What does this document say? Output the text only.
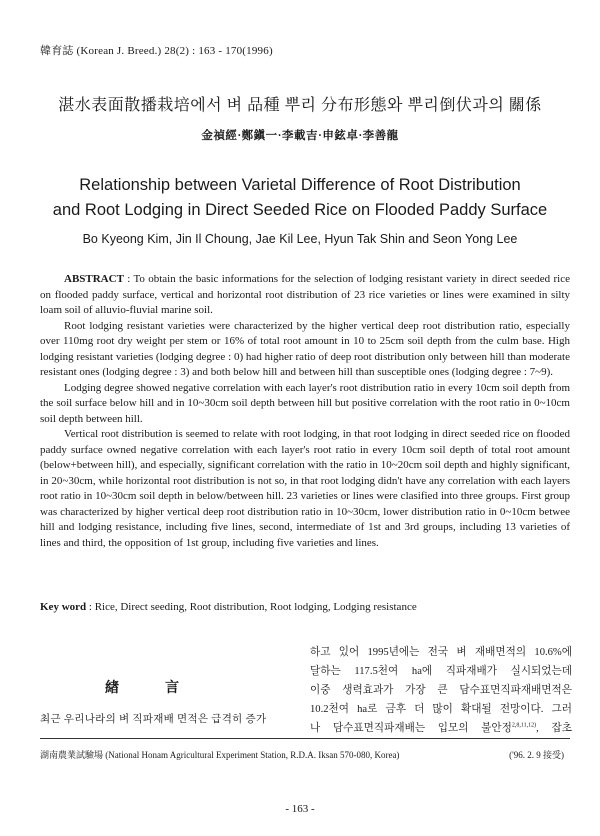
韓育誌 (Korean J. Breed.) 28(2) : 163 - 170(1996)
湛水表面散播栽培에서 벼 品種 뿌리 分布形態와 뿌리倒伏과의 關係
金禎經·鄭鎭一·李載吉·申鉉卓·李善龍
Relationship between Varietal Difference of Root Distribution
and Root Lodging in Direct Seeded Rice on Flooded Paddy Surface
Bo Kyeong Kim, Jin Il Choung, Jae Kil Lee, Hyun Tak Shin and Seon Yong Lee

ABSTRACT : To obtain the basic informations for the selection of lodging resistant variety in direct seeded rice on flooded paddy surface, vertical and horizontal root distribution of 23 rice varieties or lines were examined in silty loam soil of alluvio-fluvial marine soil.

Root lodging resistant varieties were characterized by the higher vertical deep root distribution ratio, especially over 110mg root dry weight per stem or 16% of total root amount in 10 to 25cm soil depth from the culm base. High lodging resistant varieties (lodging degree : 0) had higher ratio of deep root distribution only between hill than moderate resistant ones (lodging degree : 3) and both below hill and between hill than susceptible ones (lodging degree : 7~9).

Lodging degree showed negative correlation with each layer's root distribution ratio in every 10cm soil depth from the soil surface below hill and in 10~30cm soil depth between hill but positive correlation with the root ratio in 0~10cm soil depth between hill.

Vertical root distribution is seemed to relate with root lodging, in that root lodging in direct seeded rice on flooded paddy surface owned negative correlation with each layer's root ratio in every 10cm soil depth of total root amount (below+between hill), and especially, significant correlation with the ratio in 10~20cm soil depth and highly significant, in 20~30cm, while horizontal root distribution is not so, in that root lodging didn't have any correlation with each layers root ratio in 10~30cm soil depth in below/between hill. 23 varieties or lines were clasified into three groups. First group was characterized by higher vertical deep root distribution ratio in 10~30cm, lower distribution ratio in 0~10cm betwee hill and lodging resistance, including five lines, second, intermediate of 1st and 3rd groups, including 13 varieties of lines and third, the opposition of 1st group, including five varieties and lines.

Key word : Rice, Direct seeding, Root distribution, Root lodging, Lodging resistance
緖言
최근 우리나라의 벼 직파재배 면적은 급격히 증가
하고 있어 1995년에는 전국 벼 재배면적의 10.6%에
달하는 117.5천여 ha에 직파재배가 실시되었는데
이중 생력효과가 가장 큰 담수표면직파재배면적은
10.2천여 ha로 금후 더 많이 확대될 전망이다. 그러
나 담수표면직파재배는 입모의 불안정$^{2,8,11,12)}$, 잡초
湖南農業試驗場 (National Honam Agricultural Experiment Station, R.D.A. Iksan 570-080, Korea)	('96. 2. 9 接受)
- 163 -
